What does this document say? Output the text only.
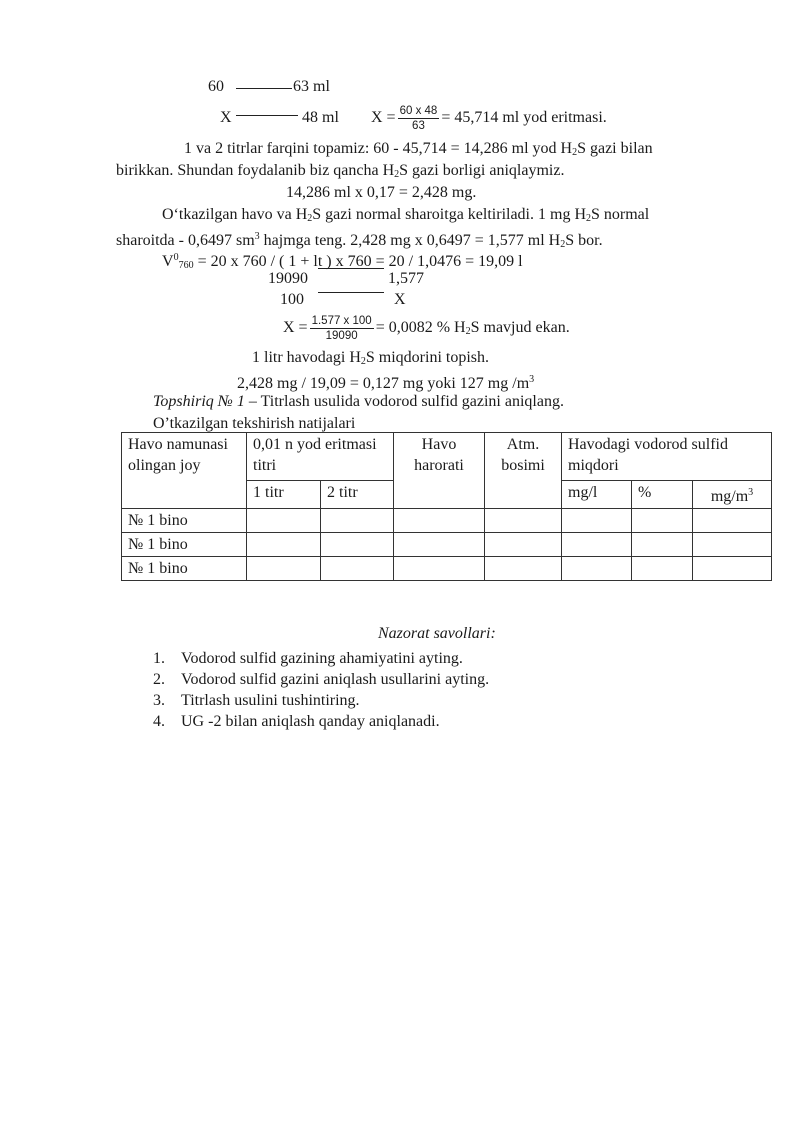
60	63 ml
X	48 ml $X = \frac{60 x 48}{63} = 45,714$ ml yod eritmasi.
1 va 2 titrlar farqini topamiz: 60 - 45,714 = 14,286 ml yod $H_2S$ gazi bilan
birikkan. Shundan foydalanib biz qancha $H_2S$ gazi borligi aniqlaymiz.
14,286 ml x 0,17 = 2,428 mg.
O‘tkazilgan havo va $H_2S$ gazi normal sharoitga keltiriladi. 1 mg $H_2S$ normal
sharoitda - 0,6497 $sm^3$ hajmga teng. 2,428 mg x 0,6497 = 1,577 ml $H_2S$ bor.
$V^0_{760} = 20$ x 760 / ( 1 + lt ) x 760 = 20 / 1,0476 = 19,09 l
19090	1,577
100	X
$X = \frac{1.577 x 100}{19090} = 0,0082$ % $H_2S$ mavjud ekan.
1 litr havodagi $H_2S$ miqdorini topish.
2,428 mg / 19,09 = 0,127 mg yoki 127 mg $/m^3$
Topshiriq № 1 – Titrlash usulida vodorod sulfid gazini aniqlang.
O’tkazilgan tekshirish natijalari
Havo namunasi olingan joy	0,01 n yod eritmasi titri		Havo harorati	Atm. bosimi	Havodagi vodorod sulfid miqdori		
	1 titr	2 titr			mg/l	%	$mg/m^3$
№ 1 bino							
№ 1 bino							
№ 1 bino							
Nazorat savollari:
1. Vodorod sulfid gazining ahamiyatini ayting.
2. Vodorod sulfid gazini aniqlash usullarini ayting.
3. Titrlash usulini tushintiring.
4. UG -2 bilan aniqlash qanday aniqlanadi.
